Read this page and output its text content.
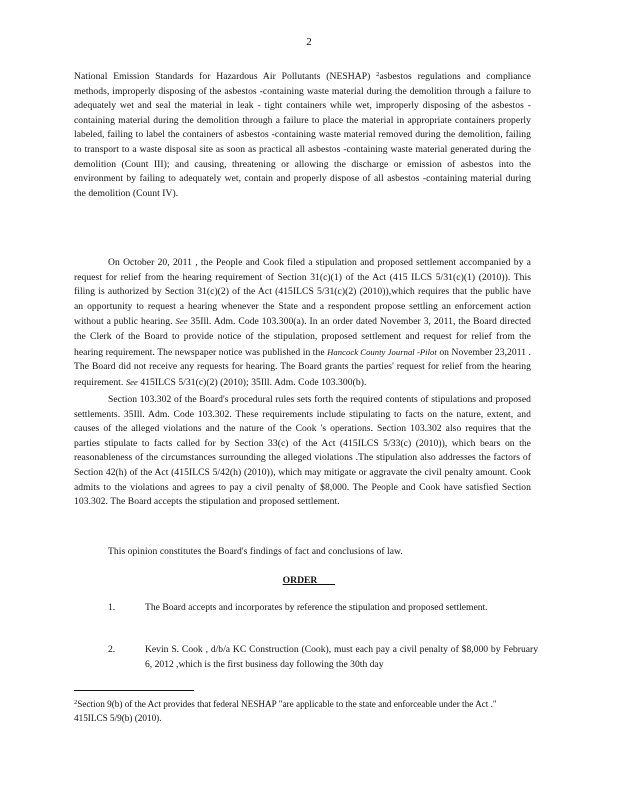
2

National Emission Standards for Hazardous Air Pollutants (NESHAP) $^2$asbestos regulations and compliance methods, improperly disposing of the asbestos -containing waste material during the demolition through a failure to adequately wet and seal the material in leak - tight containers while wet, improperly disposing of the asbestos -containing material during the demolition through a failure to place the material in appropriate containers properly labeled, failing to label the containers of asbestos -containing waste material removed during the demolition, failing to transport to a waste disposal site as soon as practical all asbestos -containing waste material generated during the demolition (Count III); and causing, threatening or allowing the discharge or emission of asbestos into the environment by failing to adequately wet, contain and properly dispose of all asbestos -containing material during the demolition (Count IV).

On October 20, 2011 , the People and Cook filed a stipulation and proposed settlement accompanied by a request for relief from the hearing requirement of Section 31(c)(1) of the Act (415 ILCS 5/31(c)(1) (2010)). This filing is authorized by Section 31(c)(2) of the Act (415ILCS 5/31(c)(2) (2010)),which requires that the public have an opportunity to request a hearing whenever the State and a respondent propose settling an enforcement action without a public hearing. See 35Ill. Adm. Code 103.300(a). In an order dated November 3, 2011, the Board directed the Clerk of the Board to provide notice of the stipulation, proposed settlement and request for relief from the hearing requirement. The newspaper notice was published in the Hancock County Journal -Pilot on November 23,2011 . The Board did not receive any requests for hearing. The Board grants the parties' request for relief from the hearing requirement. See 415ILCS 5/31(c)(2) (2010); 35Ill. Adm. Code 103.300(b).

Section 103.302 of the Board's procedural rules sets forth the required contents of stipulations and proposed settlements. 35Ill. Adm. Code 103.302. These requirements include stipulating to facts on the nature, extent, and causes of the alleged violations and the nature of the Cook 's operations. Section 103.302 also requires that the parties stipulate to facts called for by Section 33(c) of the Act (415ILCS 5/33(c) (2010)), which bears on the reasonableness of the circumstances surrounding the alleged violations .The stipulation also addresses the factors of Section 42(h) of the Act (415ILCS 5/42(h) (2010)), which may mitigate or aggravate the civil penalty amount. Cook admits to the violations and agrees to pay a civil penalty of $8,000. The People and Cook have satisfied Section 103.302. The Board accepts the stipulation and proposed settlement.

This opinion constitutes the Board's findings of fact and conclusions of law.

ORDER
1.	The Board accepts and incorporates by reference the stipulation and proposed settlement.
2.	Kevin S. Cook , d/b/a KC Construction (Cook), must each pay a civil penalty of $8,000 by February 6, 2012 ,which is the first business day following the 30th day
$^2$Section 9(b) of the Act provides that federal NESHAP "are applicable to the state and enforceable under the Act ." 415ILCS 5/9(b) (2010).
